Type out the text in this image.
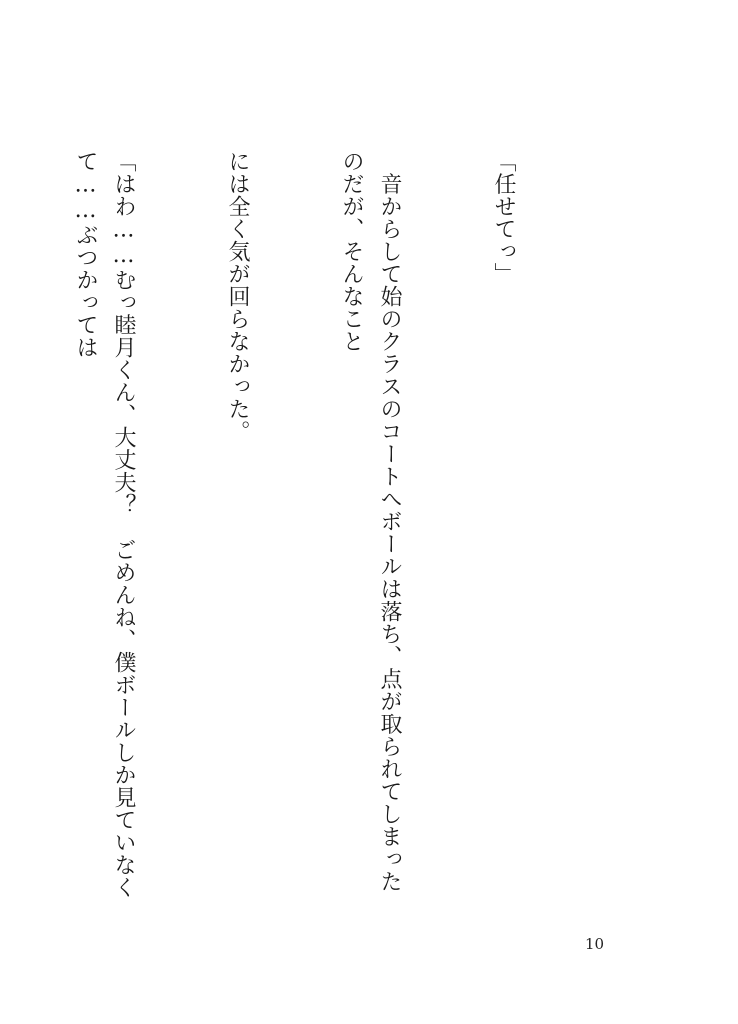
「任せてっ」

　音からして始のクラスのコートへボールは落ち、点が取られてしまったのだが、そんなこと

には全く気が回らなかった。

「はわ……むっ睦月くん、大丈夫？　ごめんね、僕ボールしか見ていなくて……ぶつかっては

10
